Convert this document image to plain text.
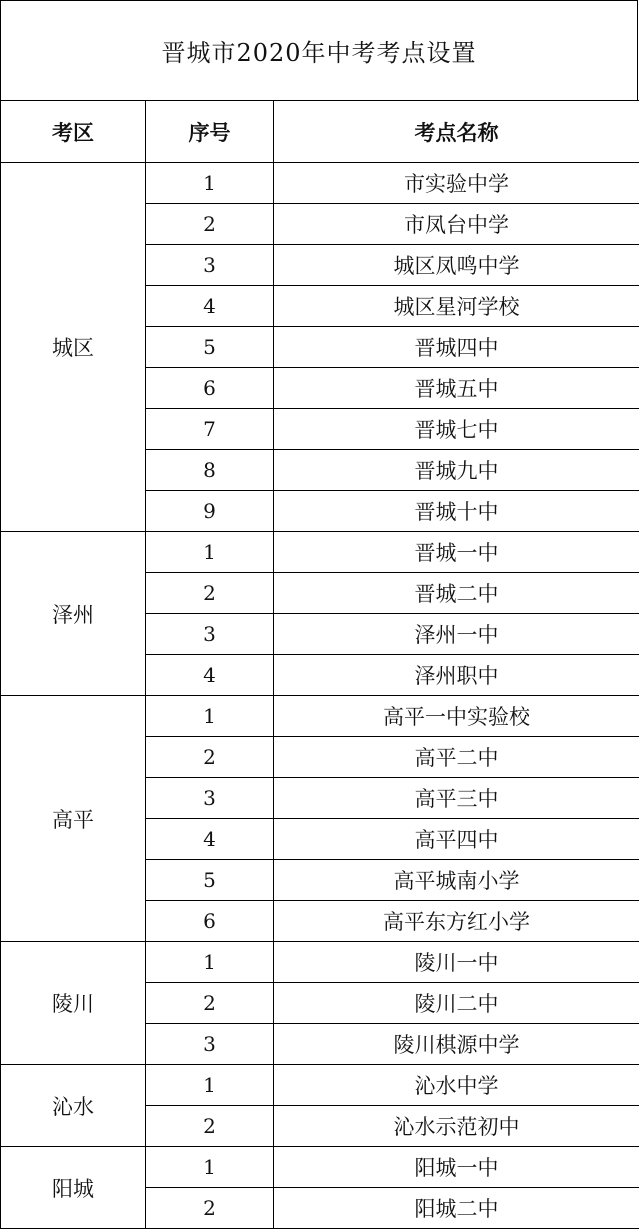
晋城市2020年中考考点设置
考区	序号	考点名称
城区	1	市实验中学
	2	市凤台中学
	3	城区凤鸣中学
	4	城区星河学校
	5	晋城四中
	6	晋城五中
	7	晋城七中
	8	晋城九中
	9	晋城十中
泽州	1	晋城一中
	2	晋城二中
	3	泽州一中
	4	泽州职中
高平	1	高平一中实验校
	2	高平二中
	3	高平三中
	4	高平四中
	5	高平城南小学
	6	高平东方红小学
陵川	1	陵川一中
	2	陵川二中
	3	陵川棋源中学
沁水	1	沁水中学
	2	沁水示范初中
阳城	1	阳城一中
	2	阳城二中
